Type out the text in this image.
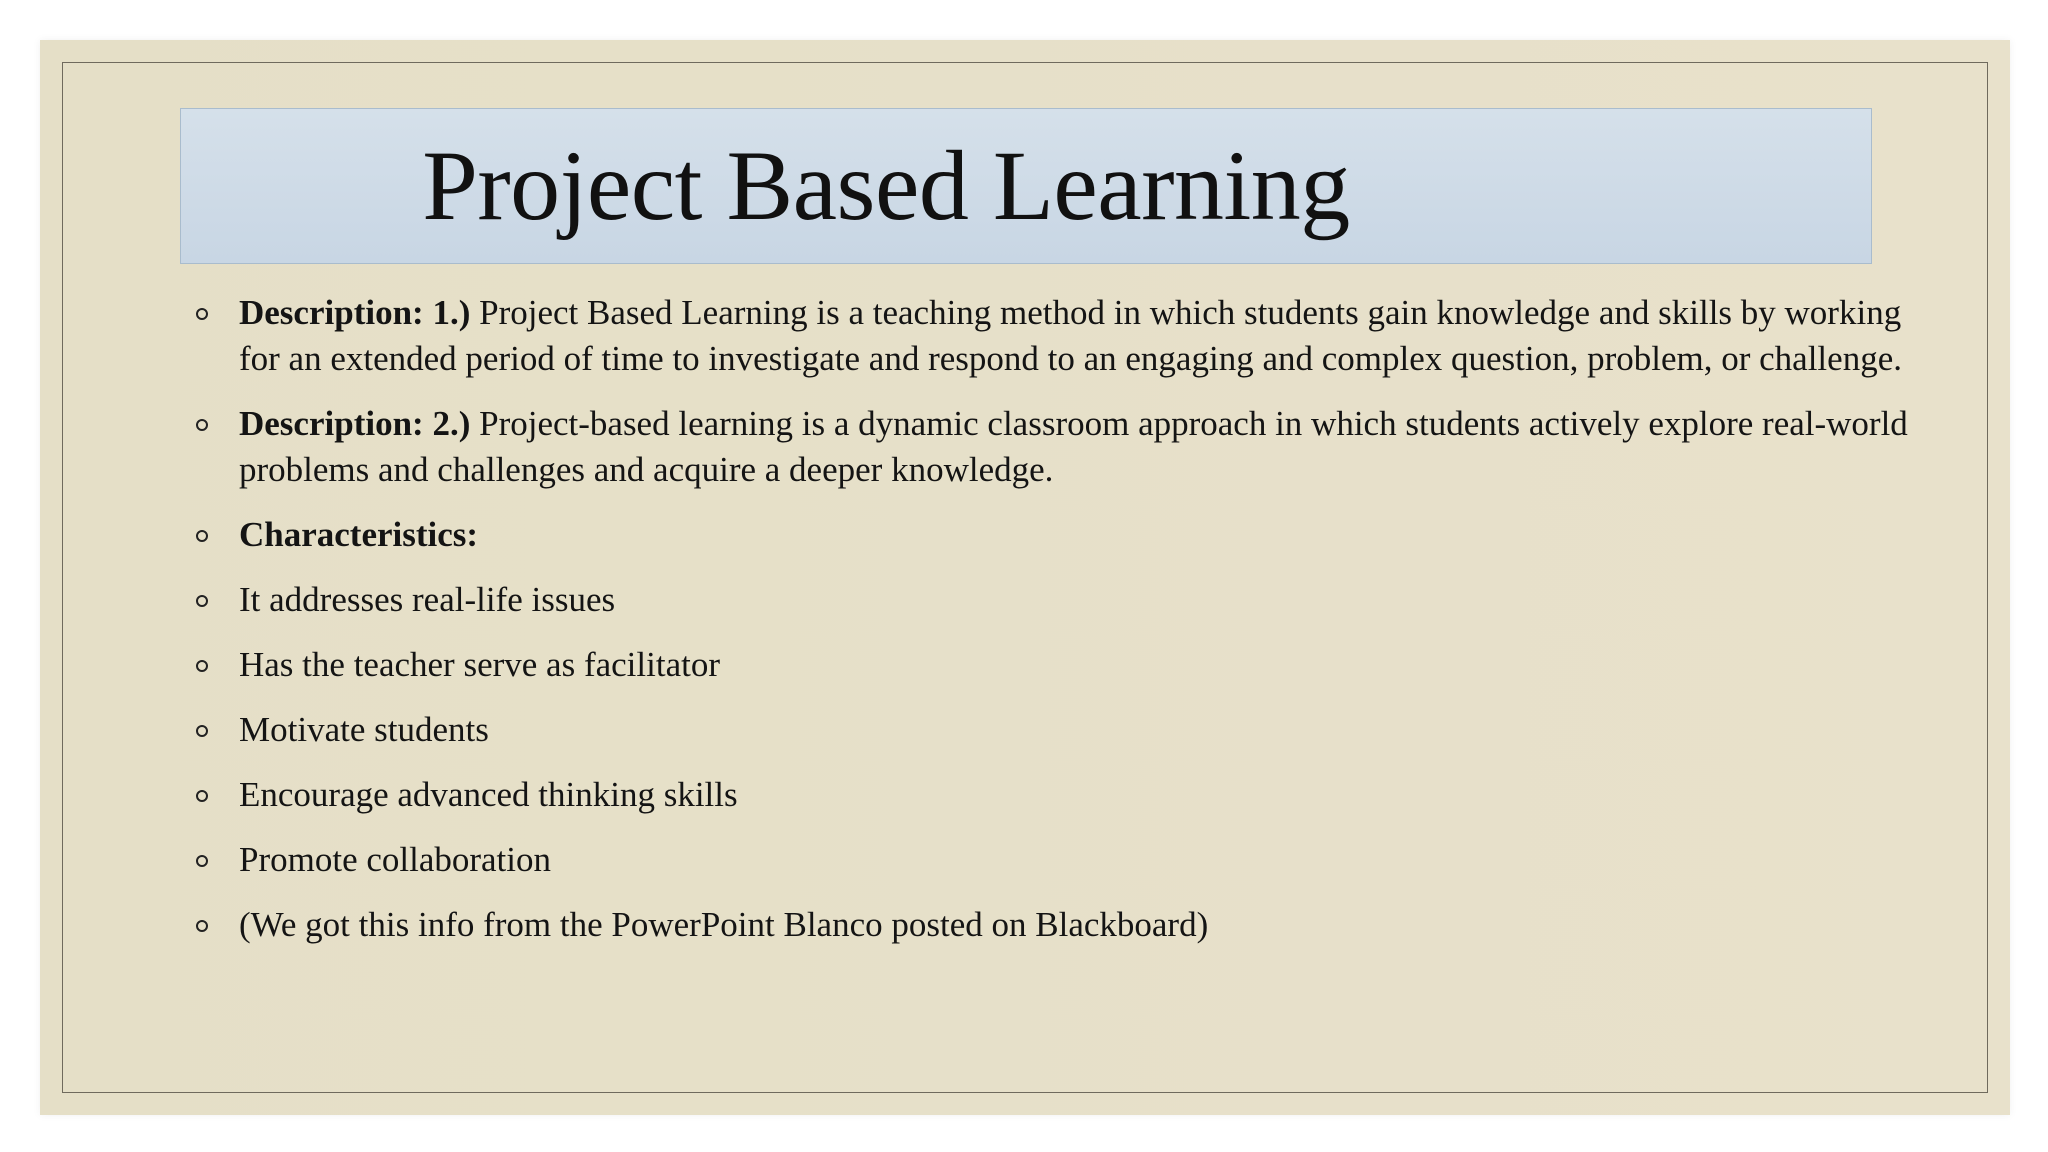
Project Based Learning
Description: 1.) Project Based Learning is a teaching method in which students gain knowledge and skills by working for an extended period of time to investigate and respond to an engaging and complex question, problem, or challenge.
Description: 2.) Project-based learning is a dynamic classroom approach in which students actively explore real-world problems and challenges and acquire a deeper knowledge.
Characteristics:
It addresses real-life issues
Has the teacher serve as facilitator
Motivate students
Encourage advanced thinking skills
Promote collaboration
(We got this info from the PowerPoint Blanco posted on Blackboard)
